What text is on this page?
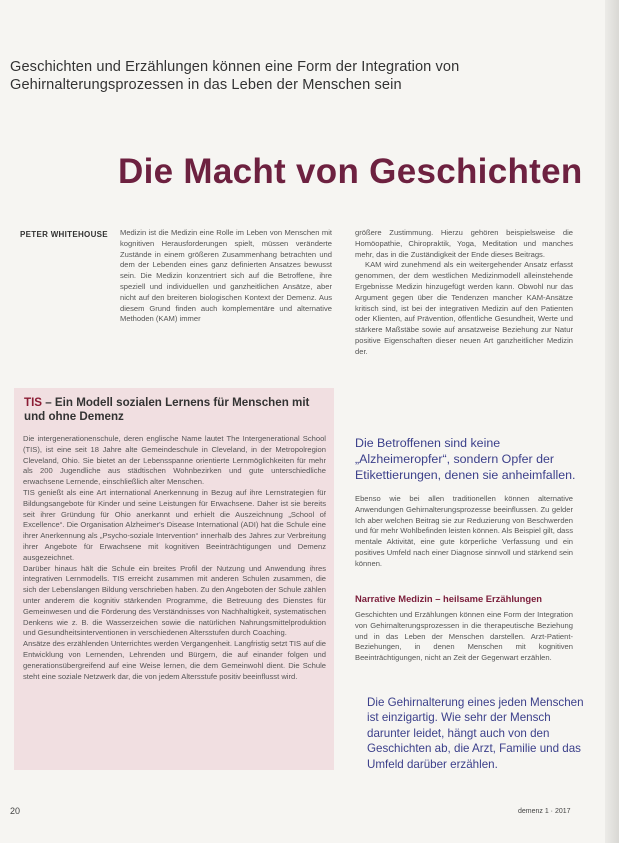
Geschichten und Erzählungen können eine Form der Integration von Gehirnalterungsprozessen in das Leben der Menschen sein
Die Macht von Geschichten
PETER WHITEHOUSE Medizin ist die Medizin eine Rolle im Leben von Menschen mit kognitiven Herausforderungen spielt, müssen veränderte Zustände in einem größeren Zusammenhang betrachten und dem der Lebenden eines ganz definierten Ansatzes bewusst sein. Die Medizin konzentriert sich auf die Betroffene, ihre speziell und individuellen und ganzheitlichen Ansätze, aber nicht auf den breiteren biologischen Kontext der Demenz. Aus diesem Grund finden auch komplementäre und alternative Methoden (KAM) immer

größere Zustimmung. Hierzu gehören beispielsweise die Homöopathie, Chiropraktik, Yoga, Meditation und manches mehr, das in die Zuständigkeit der Ende dieses Beitrags.

KAM wird zunehmend als ein weitergehender Ansatz erfasst genommen, der dem westlichen Medizinmodell alleinstehende Ergebnisse Medizin hinzugefügt werden kann. Obwohl nur das Argument gegen über die Tendenzen mancher KAM-Ansätze kritisch sind, ist bei der integrativen Medizin auf den Patienten oder Klienten, auf Prävention, öffentliche Gesundheit, Werte und stärkere Maßstäbe sowie auf ansatzweise Beziehung zur Natur positive Eigenschaften dieser neuen Art ganzheitlicher Medizin der.

TIS – Ein Modell sozialen Lernens für Menschen mit und ohne Demenz

Die intergenerationenschule, deren englische Name lautet The Intergenerational School (TIS), ist eine seit 18 Jahre alte Gemeindeschule in Cleveland, in der Metropolregion Cleveland, Ohio. Sie bietet an der Lebensspanne orientierte Lernmöglichkeiten für mehr als 200 Jugendliche aus städtischen Wohnbezirken und gute unterschiedliche erwachsene Lernende, einschließlich alter Menschen.

TIS genießt als eine Art international Anerkennung in Bezug auf ihre Lernstrategien für Bildungsangebote für Kinder und seine Leistungen für Erwachsene. Daher ist sie bereits seit ihrer Gründung für Ohio anerkannt und erhielt die Auszeichnung „School of Excellence“. Die Organisation Alzheimer's Disease International (ADI) hat die Schule eine ihrer Anerkennung als „Psycho-soziale Intervention“ innerhalb des Jahres zur Verbreitung ihrer Angebote für Erwachsene mit kognitiven Beeinträchtigungen und Demenz ausgezeichnet.

Darüber hinaus hält die Schule ein breites Profil der Nutzung und Anwendung ihres integrativen Lernmodells. TIS erreicht zusammen mit anderen Schulen zusammen, die sich der Lebenslangen Bildung verschrieben haben. Zu den Angeboten der Schule zählen unter anderem die kognitiv stärkenden Programme, die Betreuung des Dienstes für Gemeinwesen und die Förderung des Verständnisses von Nachhaltigkeit, systematischen Denkens wie z. B. die Wasserzeichen sowie die natürlichen Nahrungsmittelproduktion und Gesundheitsinterventionen in verschiedenen Altersstufen durch Coaching.

Ansätze des erzählenden Unterrichtes werden Vergangenheit. Langfristig setzt TIS auf die Entwicklung von Lernenden, Lehrenden und Bürgern, die auf einander folgen und generationsübergreifend auf eine Weise lernen, die dem Gemeinwohl dient. Die Schule steht eine soziale Netzwerk dar, die von jedem Altersstufe positiv beeinflusst wird.

Die Betroffenen sind keine „Alzheimeropfer“, sondern Opfer der Etikettierungen, denen sie anheimfallen.

Ebenso wie bei allen traditionellen können alternative Anwendungen Gehirnalterungsprozesse beeinflussen. Zu gelder Ich aber welchen Beitrag sie zur Reduzierung von Beschwerden und für mehr Wohlbefinden leisten können. Als Beispiel gilt, dass mentale Aktivität, eine gute körperliche Verfassung und ein positives Umfeld nach einer Diagnose sinnvoll und stärkend sein können.

Narrative Medizin – heilsame Erzählungen

Geschichten und Erzählungen können eine Form der Integration von Gehirnalterungsprozessen in die therapeutische Beziehung und in das Leben der Menschen darstellen. Arzt-Patient-Beziehungen, in denen Menschen mit kognitiven Beeinträchtigungen, nicht an Zeit der Gegenwart erzählen.

Die Gehirnalterung eines jeden Menschen ist einzigartig. Wie sehr der Mensch darunter leidet, hängt auch von den Geschichten ab, die Arzt, Familie und das Umfeld darüber erzählen.
20	demenz 1 · 2017
